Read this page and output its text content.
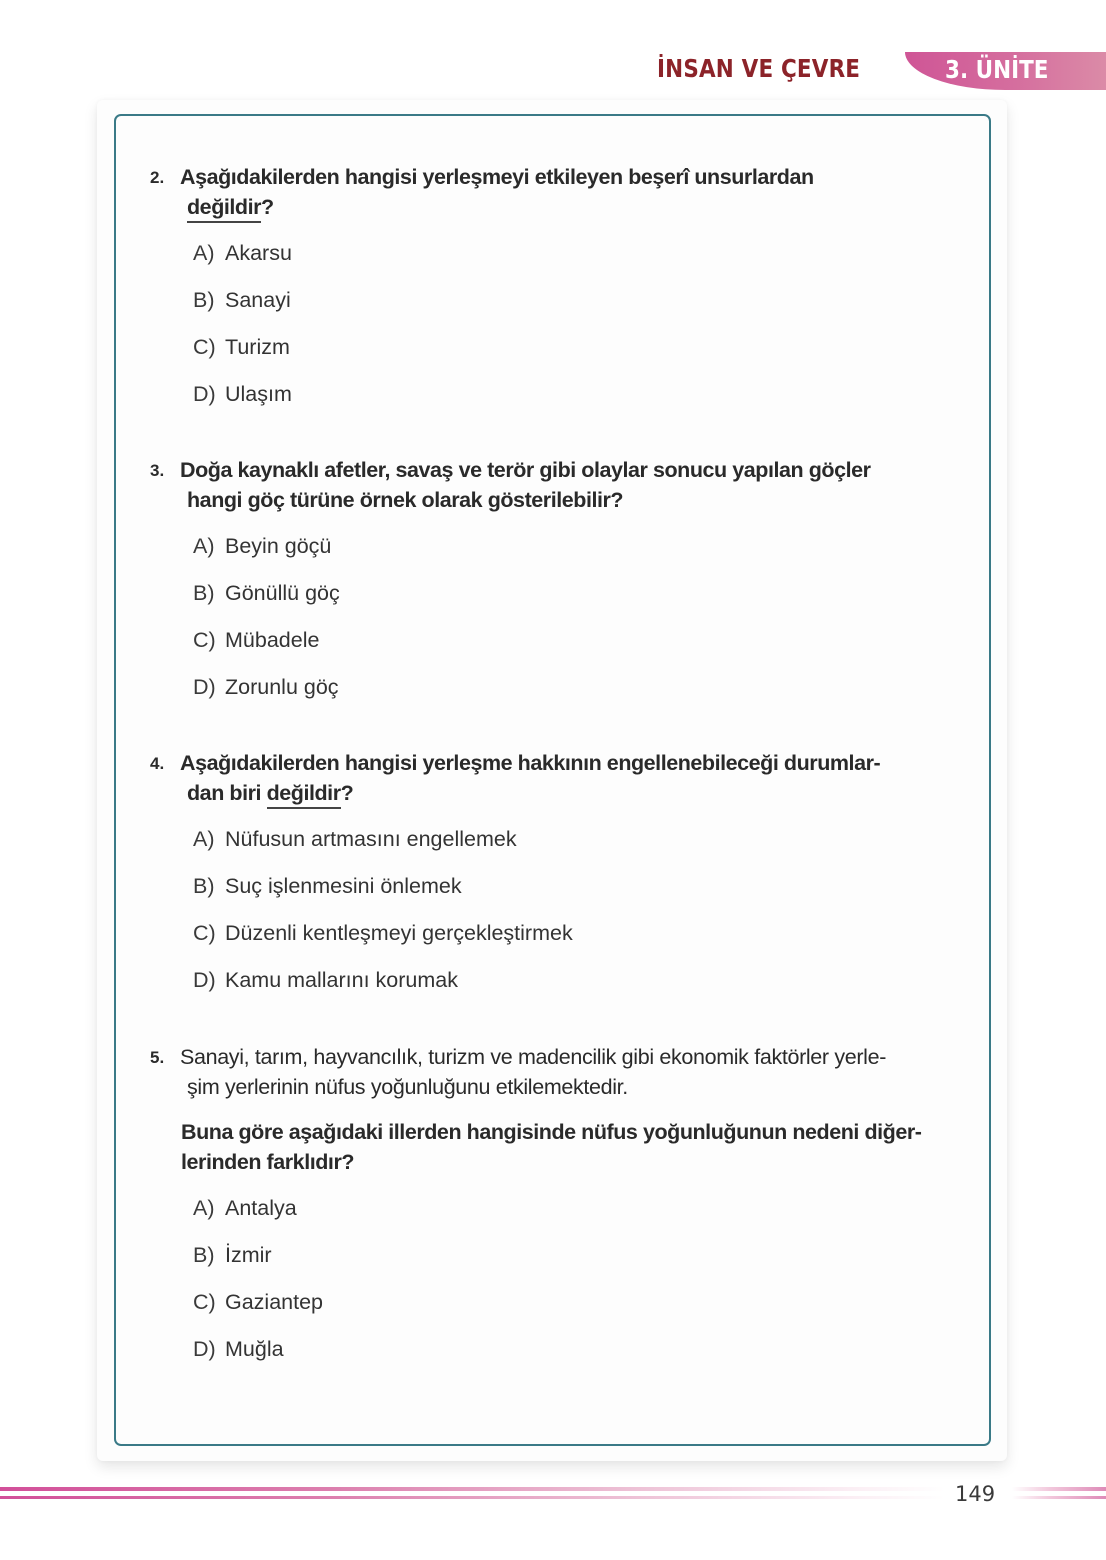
İNSAN VE ÇEVRE	3. ÜNİTE
2. Aşağıdakilerden hangisi yerleşmeyi etkileyen beşerî unsurlardan
değildir?
A) Akarsu
B) Sanayi
C) Turizm
D) Ulaşım
3. Doğa kaynaklı afetler, savaş ve terör gibi olaylar sonucu yapılan göçler
hangi göç türüne örnek olarak gösterilebilir?
A) Beyin göçü
B) Gönüllü göç
C) Mübadele
D) Zorunlu göç
4. Aşağıdakilerden hangisi yerleşme hakkının engellenebileceği durumlar-
dan biri değildir?
A) Nüfusun artmasını engellemek
B) Suç işlenmesini önlemek
C) Düzenli kentleşmeyi gerçekleştirmek
D) Kamu mallarını korumak
5. Sanayi, tarım, hayvancılık, turizm ve madencilik gibi ekonomik faktörler yerle-
şim yerlerinin nüfus yoğunluğunu etkilemektedir.
Buna göre aşağıdaki illerden hangisinde nüfus yoğunluğunun nedeni diğer-
lerinden farklıdır?
A) Antalya
B) İzmir
C) Gaziantep
D) Muğla
149
